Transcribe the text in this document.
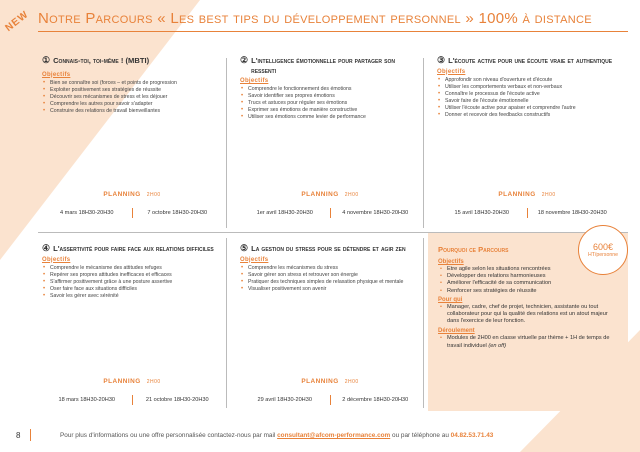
NEW Notre Parcours « Les best tips du développement personnel » 100% à distance
① Connais-toi, toi-même ! (MBTI)
Objectifs
• Bien se connaître soi (forces – et points de progression
• Exploiter positivement ses stratégies de réussite
• Découvrir ses mécanismes de stress et les déjouer
• Comprendre les autres pour savoir s'adapter
• Construire des relations de travail bienveillantes
PLANNING 2H00
4 mars 18H30-20H30	7 octobre 18H30-20H30
② L'intelligence émotionnelle pour partager son ressenti
Objectifs
• Comprendre le fonctionnement des émotions
• Savoir identifier ses propres émotions
• Trucs et astuces pour réguler ses émotions
• Exprimer ses émotions de manière constructive
• Utiliser ses émotions comme levier de performance
PLANNING 2H00
1er avril 18H30-20H30	4 novembre 18H30-20H30
③ L'écoute active pour une écoute vraie et authentique
Objectifs
• Approfondir son niveau d'ouverture et d'écoute
• Utiliser les comportements verbaux et non-verbaux
• Connaître le processus de l'écoute active
• Savoir faire de l'écoute émotionnelle
• Utiliser l'écoute active pour apaiser et comprendre l'autre
• Donner et recevoir des feedbacks constructifs
PLANNING 2H00
15 avril 18H30-20H30	18 novembre 18H30-20H30
④ L'assertivité pour faire face aux relations difficiles
Objectifs
• Comprendre le mécanisme des attitudes refuges
• Repérer ses propres attitudes inefficaces et efficaces
• S'affirmer positivement grâce à une posture assertive
• Oser faire face aux situations difficiles
• Savoir les gérer avec sérénité
PLANNING 2H00
18 mars 18H30-20H30	21 octobre 18H30-20H30
⑤ La gestion du stress pour se détendre et agir zen
Objectifs
• Comprendre les mécanismes du stress
• Savoir gérer son stress et retrouver son énergie
• Pratiquer des techniques simples de relaxation physique et mentale
• Visualiser positivement son avenir
PLANNING 2H00
29 avril 18H30-20H30	2 décembre 18H30-20H30
Pourquoi ce Parcours
Objectifs
• Etre agile selon les situations rencontrées
• Développer des relations harmonieuses
• Améliorer l'efficacité de sa communication
• Renforcer ses stratégies de réussite
Pour qui
• Manager, cadre, chef de projet, technicien, assistante ou tout collaborateur pour qui la qualité des relations est un atout majeur dans l'exercice de leur fonction.
Déroulement
• Modules de 2H00 en classe virtuelle par thème + 1H de temps de travail individuel (en off)
600€
HT/personne
8	Pour plus d'informations ou une offre personnalisée contactez-nous par mail consultant@afcom-performance.com ou par téléphone au 04.82.53.71.43
